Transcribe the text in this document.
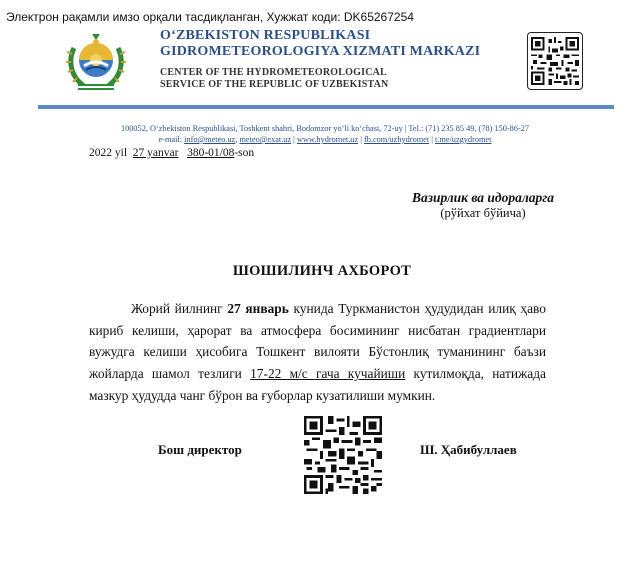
Электрон рақамли имзо орқали тасдиқланган, Хужжат коди: DK65267254
O‘ZBEKISTON RESPUBLIKASI
GIDROMETEOROLOGIYA XIZMATI MARKAZI
CENTER OF THE HYDROMETEOROLOGICAL
SERVICE OF THE REPUBLIC OF UZBEKISTAN
100052, O‘zbekiston Respublikasi, Toshkent shahri, Bodomzor yo‘li ko‘chasi, 72-uy | Tel.: (71) 235 85 49, (78) 150-86-27
e-mail: info@meteo.uz, meteo@exat.uz | www.hydromet.uz | fb.com/uzhydromet | t.me/uzgydromet
2022 yil 27 yanvar 380-01/08-son
Вазирлик ва идораларга
(рўйхат бўйича)
ШОШИЛИНЧ АХБОРОТ
Жорий йилнинг 27 январь кунида Туркманистон ҳудудидан илиқ ҳаво кириб келиши, ҳарорат ва атмосфера босимининг нисбатан градиентлари вужудга келиши ҳисобига Тошкент вилояти Бўстонлиқ туманининг баъзи жойларда шамол тезлиги 17-22 м/с гача кучайиши кутилмоқда, натижада мазкур ҳудудда чанг бўрон ва ғуборлар кузатилиши мумкин.
Бош директор	Ш. Ҳабибуллаев
